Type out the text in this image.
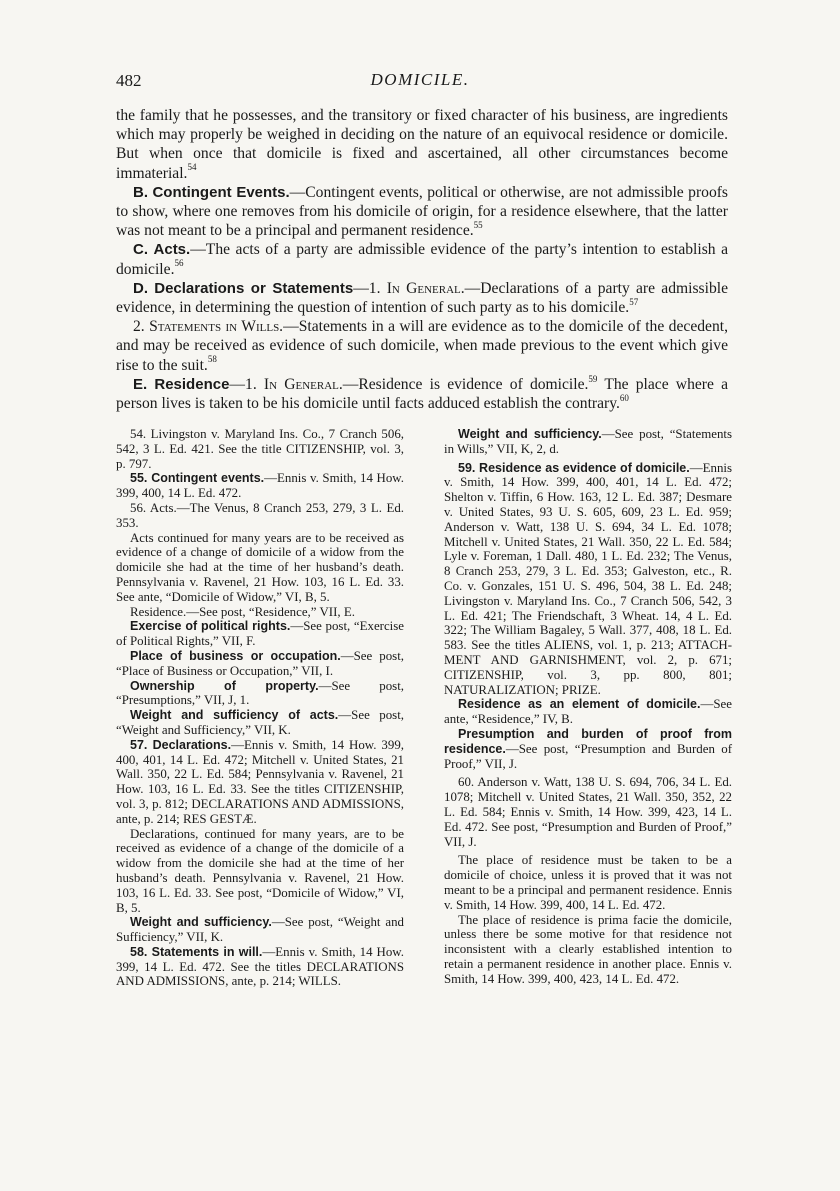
482	DOMICILE.

the family that he possesses, and the transitory or fixed character of his business, are ingredients which may properly be weighed in deciding on the nature of an equivocal residence or domicile. But when once that domicile is fixed and ascertained, all other circumstances become immaterial.$^{54}$

B. Contingent Events.—Contingent events, political or otherwise, are not admissible proofs to show, where one removes from his domicile of origin, for a residence elsewhere, that the latter was not meant to be a principal and permanent residence.$^{55}$

C. Acts.—The acts of a party are admissible evidence of the party’s intention to establish a domicile.$^{56}$

D. Declarations or Statements—1. In General.—Declarations of a party are admissible evidence, in determining the question of intention of such party as to his domicile.$^{57}$

2. Statements in Wills.—Statements in a will are evidence as to the domicile of the decedent, and may be received as evidence of such domicile, when made previous to the event which give rise to the suit.$^{58}$

E. Residence—1. In General.—Residence is evidence of domicile.$^{59}$ The place where a person lives is taken to be his domicile until facts adduced establish the contrary.$^{60}$

54. Livingston v. Maryland Ins. Co., 7 Cranch 506, 542, 3 L. Ed. 421. See the title CITIZENSHIP, vol. 3, p. 797.

55. Contingent events.—Ennis v. Smith, 14 How. 399, 400, 14 L. Ed. 472.

56. Acts.—The Venus, 8 Cranch 253, 279, 3 L. Ed. 353.

Acts continued for many years are to be received as evidence of a change of domicile of a widow from the domicile she had at the time of her husband’s death. Pennsylvania v. Ravenel, 21 How. 103, 16 L. Ed. 33. See ante, “Domicile of Widow,” VI, B, 5.

Residence.—See post, “Residence,” VII, E.

Exercise of political rights.—See post, “Exercise of Political Rights,” VII, F.

Place of business or occupation.—See post, “Place of Business or Occupation,” VII, I.

Ownership of property.—See post, “Presumptions,” VII, J, 1.

Weight and sufficiency of acts.—See post, “Weight and Sufficiency,” VII, K.

57. Declarations.—Ennis v. Smith, 14 How. 399, 400, 401, 14 L. Ed. 472; Mitchell v. United States, 21 Wall. 350, 22 L. Ed. 584; Pennsylvania v. Ravenel, 21 How. 103, 16 L. Ed. 33. See the titles CITIZENSHIP, vol. 3, p. 812; DECLARATIONS AND ADMISSIONS, ante, p. 214; RES GESTÆ.

Declarations, continued for many years, are to be received as evidence of a change of the domicile of a widow from the domicile she had at the time of her husband’s death. Pennsylvania v. Ravenel, 21 How. 103, 16 L. Ed. 33. See post, “Domicile of Widow,” VI, B, 5.

Weight and sufficiency.—See post, “Weight and Sufficiency,” VII, K.

58. Statements in will.—Ennis v. Smith, 14 How. 399, 14 L. Ed. 472. See the titles DECLARATIONS AND ADMISSIONS, ante, p. 214; WILLS.

Weight and sufficiency.—See post, “Statements in Wills,” VII, K, 2, d.

59. Residence as evidence of domicile.—Ennis v. Smith, 14 How. 399, 400, 401, 14 L. Ed. 472; Shelton v. Tiffin, 6 How. 163, 12 L. Ed. 387; Desmare v. United States, 93 U. S. 605, 609, 23 L. Ed. 959; Anderson v. Watt, 138 U. S. 694, 34 L. Ed. 1078; Mitchell v. United States, 21 Wall. 350, 22 L. Ed. 584; Lyle v. Foreman, 1 Dall. 480, 1 L. Ed. 232; The Venus, 8 Cranch 253, 279, 3 L. Ed. 353; Galveston, etc., R. Co. v. Gonzales, 151 U. S. 496, 504, 38 L. Ed. 248; Livingston v. Maryland Ins. Co., 7 Cranch 506, 542, 3 L. Ed. 421; The Friendschaft, 3 Wheat. 14, 4 L. Ed. 322; The William Bagaley, 5 Wall. 377, 408, 18 L. Ed. 583. See the titles ALIENS, vol. 1, p. 213; ATTACHMENT AND GARNISHMENT, vol. 2, p. 671; CITIZENSHIP, vol. 3, pp. 800, 801; NATURALIZATION; PRIZE.

Residence as an element of domicile.—See ante, “Residence,” IV, B.

Presumption and burden of proof from residence.—See post, “Presumption and Burden of Proof,” VII, J.

60. Anderson v. Watt, 138 U. S. 694, 706, 34 L. Ed. 1078; Mitchell v. United States, 21 Wall. 350, 352, 22 L. Ed. 584; Ennis v. Smith, 14 How. 399, 423, 14 L. Ed. 472. See post, “Presumption and Burden of Proof,” VII, J.

The place of residence must be taken to be a domicile of choice, unless it is proved that it was not meant to be a principal and permanent residence. Ennis v. Smith, 14 How. 399, 400, 14 L. Ed. 472.

The place of residence is prima facie the domicile, unless there be some motive for that residence not inconsistent with a clearly established intention to retain a permanent residence in another place. Ennis v. Smith, 14 How. 399, 400, 423, 14 L. Ed. 472.
